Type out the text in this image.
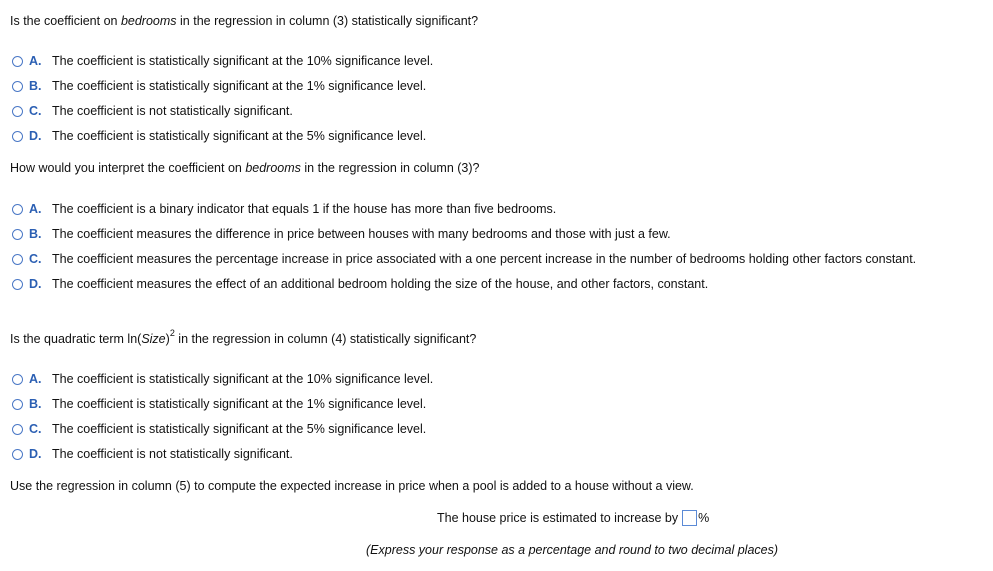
Is the coefficient on bedrooms in the regression in column (3) statistically significant?
A. The coefficient is statistically significant at the 10% significance level.
B. The coefficient is statistically significant at the 1% significance level.
C. The coefficient is not statistically significant.
D. The coefficient is statistically significant at the 5% significance level.
How would you interpret the coefficient on bedrooms in the regression in column (3)?
A. The coefficient is a binary indicator that equals 1 if the house has more than five bedrooms.
B. The coefficient measures the difference in price between houses with many bedrooms and those with just a few.
C. The coefficient measures the percentage increase in price associated with a one percent increase in the number of bedrooms holding other factors constant.
D. The coefficient measures the effect of an additional bedroom holding the size of the house, and other factors, constant.
Is the quadratic term ln(Size)$^2$ in the regression in column (4) statistically significant?
A. The coefficient is statistically significant at the 10% significance level.
B. The coefficient is statistically significant at the 1% significance level.
C. The coefficient is statistically significant at the 5% significance level.
D. The coefficient is not statistically significant.
Use the regression in column (5) to compute the expected increase in price when a pool is added to a house without a view.
The house price is estimated to increase by %
(Express your response as a percentage and round to two decimal places)
